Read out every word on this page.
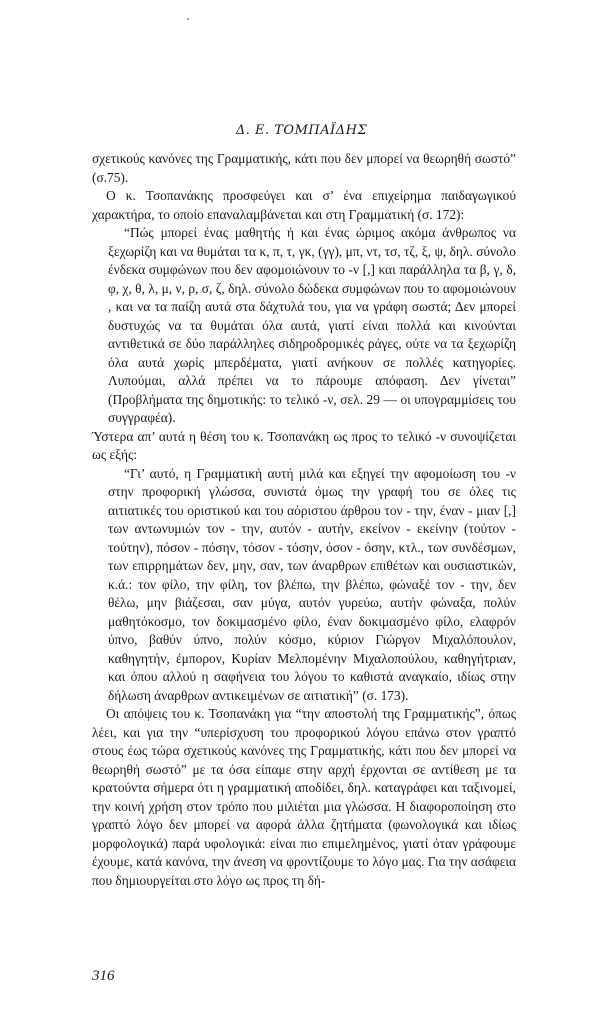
Δ. Ε. ΤΟΜΠΑΪΔΗΣ

σχετικούς κανόνες της Γραμματικής, κάτι που δεν μπορεί να θεωρηθή σωστό” (σ.75).

Ο κ. Τσοπανάκης προσφεύγει και σ’ ένα επιχείρημα παιδαγωγικού χαρακτήρα, το οποίο επαναλαμβάνεται και στη Γραμματική (σ. 172):

“Πώς μπορεί ένας μαθητής ή και ένας ώριμος ακόμα άνθρωπος να ξεχωρίζη και να θυμάται τα κ, π, τ, γκ, (γγ), μπ, ντ, τσ, τζ, ξ, ψ, δηλ. σύνολο ένδεκα συμφώνων που δεν αφομοιώνουν το -ν [,] και παράλληλα τα β, γ, δ, φ, χ, θ, λ, μ, ν, ρ, σ, ζ, δηλ. σύνολο δώδεκα συμφώνων που το αφομοιώνουν , και να τα παίζη αυτά στα δάχτυλά του, για να γράφη σωστά; Δεν μπορεί δυστυχώς να τα θυμάται όλα αυτά, γιατί είναι πολλά και κινούνται αντιθετικά σε δύο παράλληλες σιδηροδρομικές ράγες, ούτε να τα ξεχωρίζη όλα αυτά χωρίς μπερδέματα, γιατί ανήκουν σε πολλές κατηγορίες. Λυπούμαι, αλλά πρέπει να το πάρουμε απόφαση. Δεν γίνεται” (Προβλήματα της δημοτικής: το τελικό -ν, σελ. 29 — οι υπογραμμίσεις του συγγραφέα).

Ύστερα απ’ αυτά η θέση του κ. Τσοπανάκη ως προς το τελικό -ν συνοψίζεται ως εξής:

“Γι’ αυτό, η Γραμματική αυτή μιλά και εξηγεί την αφομοίωση του -ν στην προφορική γλώσσα, συνιστά όμως την γραφή του σε όλες τις αιτιατικές του οριστικού και του αόριστου άρθρου τον - την, έναν - μιαν [,] των αντωνυμιών τον - την, αυτόν - αυτήν, εκείνον - εκείνην (τούτον - τούτην), πόσον - πόσην, τόσον - τόσην, όσον - όσην, κτλ., των συνδέσμων, των επιρρημάτων δεν, μην, σαν, των άναρθρων επιθέτων και ουσιαστικών, κ.ά.: τον φίλο, την φίλη, τον βλέπω, την βλέπω, φώναξέ τον - την, δεν θέλω, μην βιάζεσαι, σαν μύγα, αυτόν γυρεύω, αυτήν φώναξα, πολύν μαθητόκοσμο, τον δοκιμασμένο φίλο, έναν δοκιμασμένο φίλο, ελαφρόν ύπνο, βαθύν ύπνο, πολύν κόσμο, κύριον Γιώργον Μιχαλόπουλον, καθηγητήν, έμπορον, Κυρίαν Μελπομένην Μιχαλοπούλου, καθηγήτριαν, και όπου αλλού η σαφήνεια του λόγου το καθιστά αναγκαίο, ιδίως στην δήλωση άναρθρων αντικειμένων σε αιτιατική” (σ. 173).

Οι απόψεις του κ. Τσοπανάκη για “την αποστολή της Γραμματικής”, όπως λέει, και για την “υπερίσχυση του προφορικού λόγου επάνω στον γραπτό στους έως τώρα σχετικούς κανόνες της Γραμματικής, κάτι που δεν μπορεί να θεωρηθή σωστό” με τα όσα είπαμε στην αρχή έρχονται σε αντίθεση με τα κρατούντα σήμερα ότι η γραμματική αποδίδει, δηλ. καταγράφει και ταξινομεί, την κοινή χρήση στον τρόπο που μιλιέται μια γλώσσα. Η διαφοροποίηση στο γραπτό λόγο δεν μπορεί να αφορά άλλα ζητήματα (φωνολογικά και ιδίως μορφολογικά) παρά υφολογικά: είναι πιο επιμελημένος, γιατί όταν γράφουμε έχουμε, κατά κανόνα, την άνεση να φροντίζουμε το λόγο μας. Για την ασάφεια που δημιουργείται στο λόγο ως προς τη δή-

316
